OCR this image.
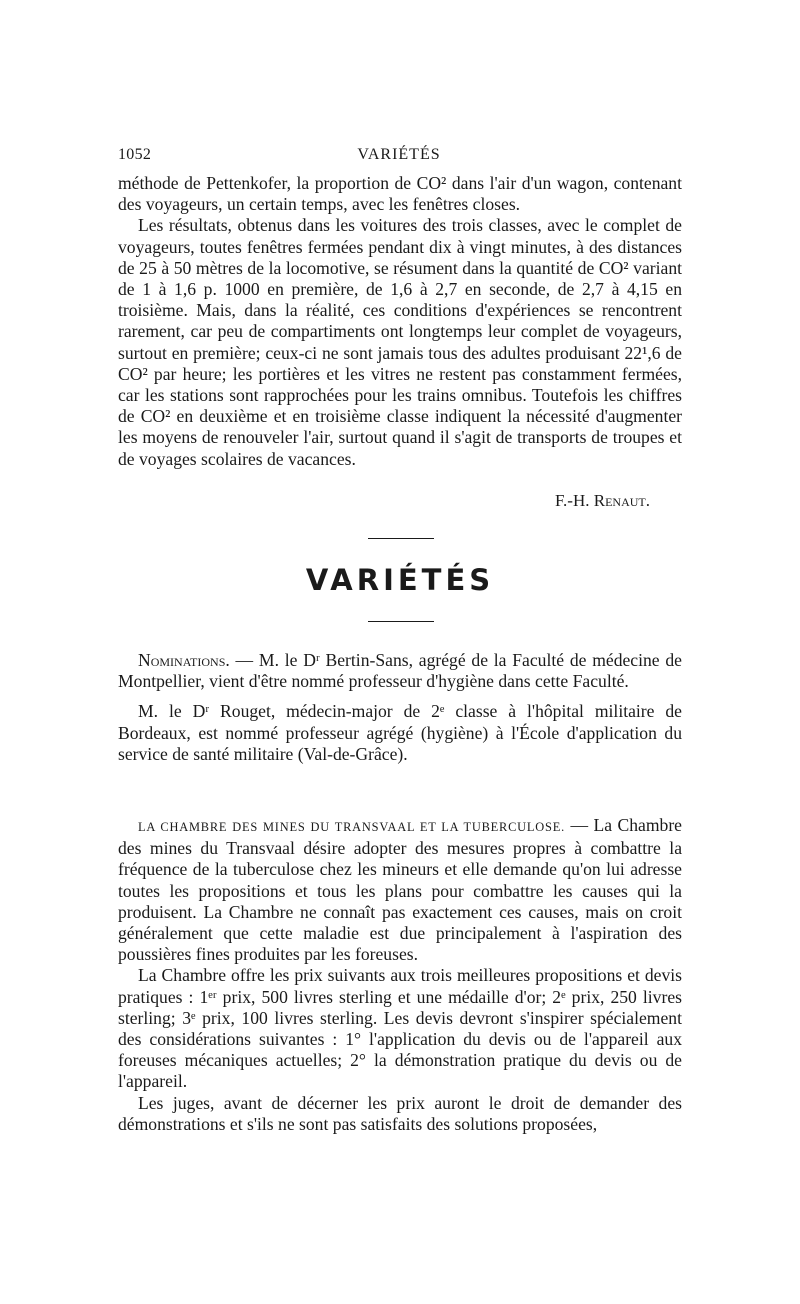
1052	VARIÉTÉS

méthode de Pettenkofer, la proportion de CO² dans l'air d'un wagon, contenant des voyageurs, un certain temps, avec les fenêtres closes.

Les résultats, obtenus dans les voitures des trois classes, avec le complet de voyageurs, toutes fenêtres fermées pendant dix à vingt minutes, à des distances de 25 à 50 mètres de la locomotive, se résument dans la quantité de CO² variant de 1 à 1,6 p. 1000 en première, de 1,6 à 2,7 en seconde, de 2,7 à 4,15 en troisième. Mais, dans la réalité, ces conditions d'expériences se rencontrent rarement, car peu de compartiments ont longtemps leur complet de voyageurs, surtout en première; ceux-ci ne sont jamais tous des adultes produisant 22¹,6 de CO² par heure; les portières et les vitres ne restent pas constamment fermées, car les stations sont rapprochées pour les trains omnibus. Toutefois les chiffres de CO² en deuxième et en troisième classe indiquent la nécessité d'augmenter les moyens de renouveler l'air, surtout quand il s'agit de transports de troupes et de voyages scolaires de vacances.

F.-H. Renaut.
VARIÉTÉS

Nominations. — M. le Dʳ Bertin-Sans, agrégé de la Faculté de médecine de Montpellier, vient d'être nommé professeur d'hygiène dans cette Faculté.

M. le Dʳ Rouget, médecin-major de 2ᵉ classe à l'hôpital militaire de Bordeaux, est nommé professeur agrégé (hygiène) à l'École d'application du service de santé militaire (Val-de-Grâce).

LA CHAMBRE DES MINES DU TRANSVAAL ET LA TUBERCULOSE. — La Chambre des mines du Transvaal désire adopter des mesures propres à combattre la fréquence de la tuberculose chez les mineurs et elle demande qu'on lui adresse toutes les propositions et tous les plans pour combattre les causes qui la produisent. La Chambre ne connaît pas exactement ces causes, mais on croit généralement que cette maladie est due principalement à l'aspiration des poussières fines produites par les foreuses.

La Chambre offre les prix suivants aux trois meilleures propositions et devis pratiques : 1ᵉʳ prix, 500 livres sterling et une médaille d'or; 2ᵉ prix, 250 livres sterling; 3ᵉ prix, 100 livres sterling. Les devis devront s'inspirer spécialement des considérations suivantes : 1° l'application du devis ou de l'appareil aux foreuses mécaniques actuelles; 2° la démonstration pratique du devis ou de l'appareil.

Les juges, avant de décerner les prix auront le droit de demander des démonstrations et s'ils ne sont pas satisfaits des solutions proposées,
